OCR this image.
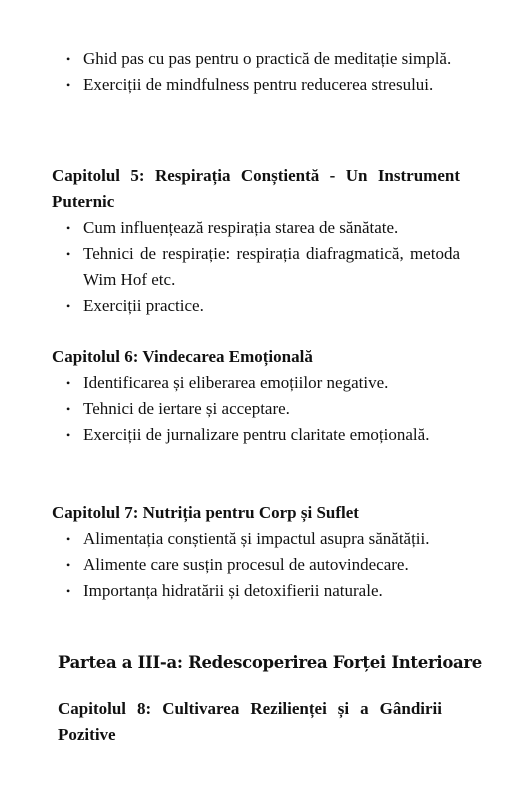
• Ghid pas cu pas pentru o practică de meditație simplă.
• Exerciții de mindfulness pentru reducerea stresului.

Capitolul 5: Respirația Conștientă - Un Instrument Puternic

• Cum influențează respirația starea de sănătate.
• Tehnici de respirație: respirația diafragmatică, metoda Wim Hof etc.
• Exerciții practice.

Capitolul 6: Vindecarea Emoțională

• Identificarea și eliberarea emoțiilor negative.
• Tehnici de iertare și acceptare.
• Exerciții de jurnalizare pentru claritate emoțională.

Capitolul 7: Nutriția pentru Corp și Suflet

• Alimentația conștientă și impactul asupra sănătății.
• Alimente care susțin procesul de autovindecare.
• Importanța hidratării și detoxifierii naturale.

Partea a III-a: Redescoperirea Forței Interioare

Capitolul 8: Cultivarea Rezilienței și a Gândirii Pozitive
